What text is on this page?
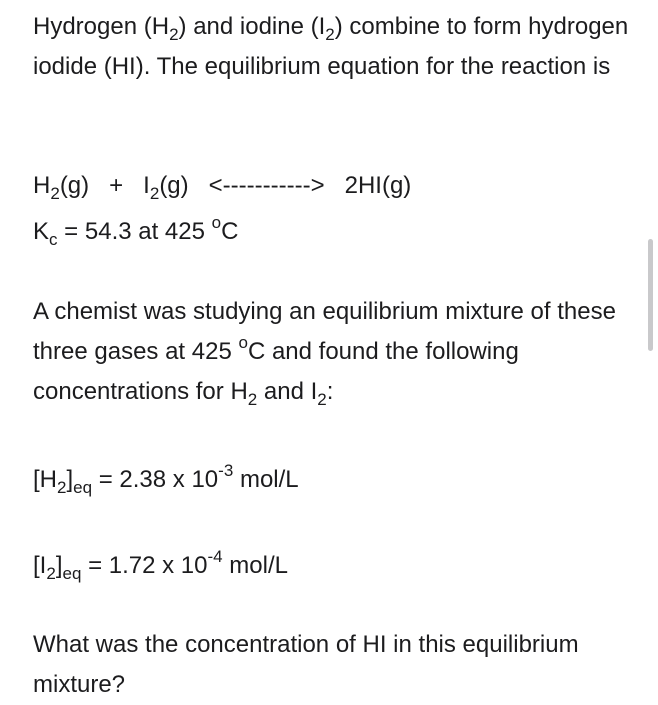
Hydrogen $(H_2)$ and iodine $(I_2)$ combine to form hydrogen iodide (HI). The equilibrium equation for the reaction is

$H_2(g) + I_2(g)$   <----------->   2HI(g)
$K_c = 54.3$ at 425 $^o$C

A chemist was studying an equilibrium mixture of these three gases at 425 $^o$C and found the following concentrations for $H_2$ and $I_2$:

$[H_2]_{eq} = 2.38$ x $10^{-3}$ mol/L
$[I_2]_{eq} = 1.72$ x $10^{-4}$ mol/L

What was the concentration of HI in this equilibrium mixture?
